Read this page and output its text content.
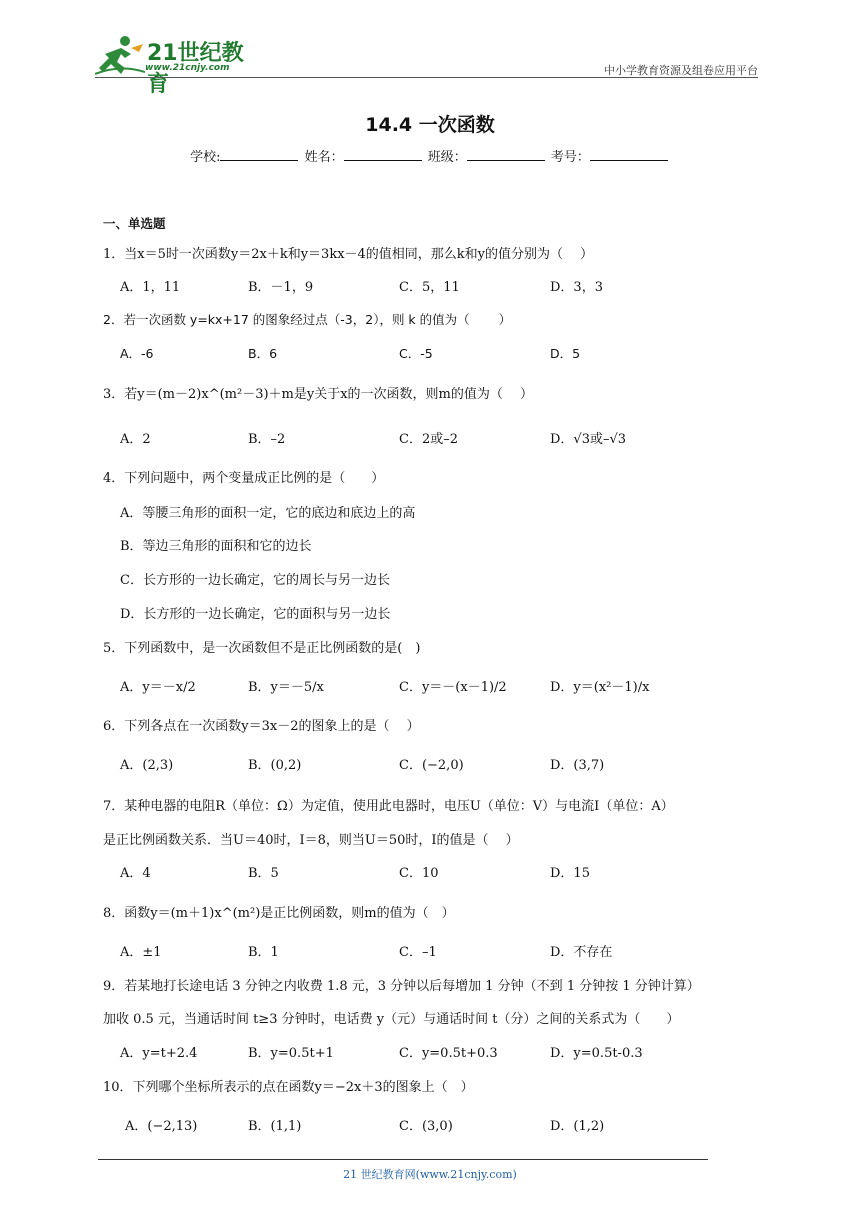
21世纪教育
www.21cnjy.com	中小学教育资源及组卷应用平台
14.4 一次函数
学校:	姓名：	班级：	考号：
一、单选题
1．当x＝5时一次函数y＝2x＋k和y＝3kx－4的值相同，那么k和y的值分别为（　 ）
A．1，11	B．－1，9	C．5，11	D．3，3
2．若一次函数 y=kx+17 的图象经过点（-3，2），则 k 的值为（　　 ）
A．-6	B．6	C．-5	D．5
3．若y＝(m－2)x^(m²－3)＋m是y关于x的一次函数，则m的值为（　 ）
A．2	B．–2	C．2或–2	D．√3或–√3
4．下列问题中，两个变量成正比例的是（　　）
A．等腰三角形的面积一定，它的底边和底边上的高
B．等边三角形的面积和它的边长
C．长方形的一边长确定，它的周长与另一边长
D．长方形的一边长确定，它的面积与另一边长
5．下列函数中，是一次函数但不是正比例函数的是(　)
A．y＝－x/2	B．y＝－5/x	C．y＝－(x－1)/2	D．y＝(x²－1)/x
6．下列各点在一次函数y＝3x－2的图象上的是（　 ）
A．(2,3)	B．(0,2)	C．(−2,0)	D．(3,7)
7．某种电器的电阻R（单位：Ω）为定值，使用此电器时，电压U（单位：V）与电流I（单位：A）
是正比例函数关系．当U＝40时，I＝8，则当U＝50时，I的值是（　 ）
A．4	B．5	C．10	D．15
8．函数y＝(m＋1)x^(m²)是正比例函数，则m的值为（　）
A．±1	B．1	C．–1	D．不存在
9．若某地打长途电话 3 分钟之内收费 1.8 元，3 分钟以后每增加 1 分钟（不到 1 分钟按 1 分钟计算）
加收 0.5 元，当通话时间 t≥3 分钟时，电话费 y（元）与通话时间 t（分）之间的关系式为（　　）
A．y=t+2.4	B．y=0.5t+1	C．y=0.5t+0.3	D．y=0.5t-0.3
10．下列哪个坐标所表示的点在函数y＝−2x＋3的图象上（　）
A．(−2,13)	B．(1,1)	C．(3,0)	D．(1,2)
21 世纪教育网(www.21cnjy.com)
